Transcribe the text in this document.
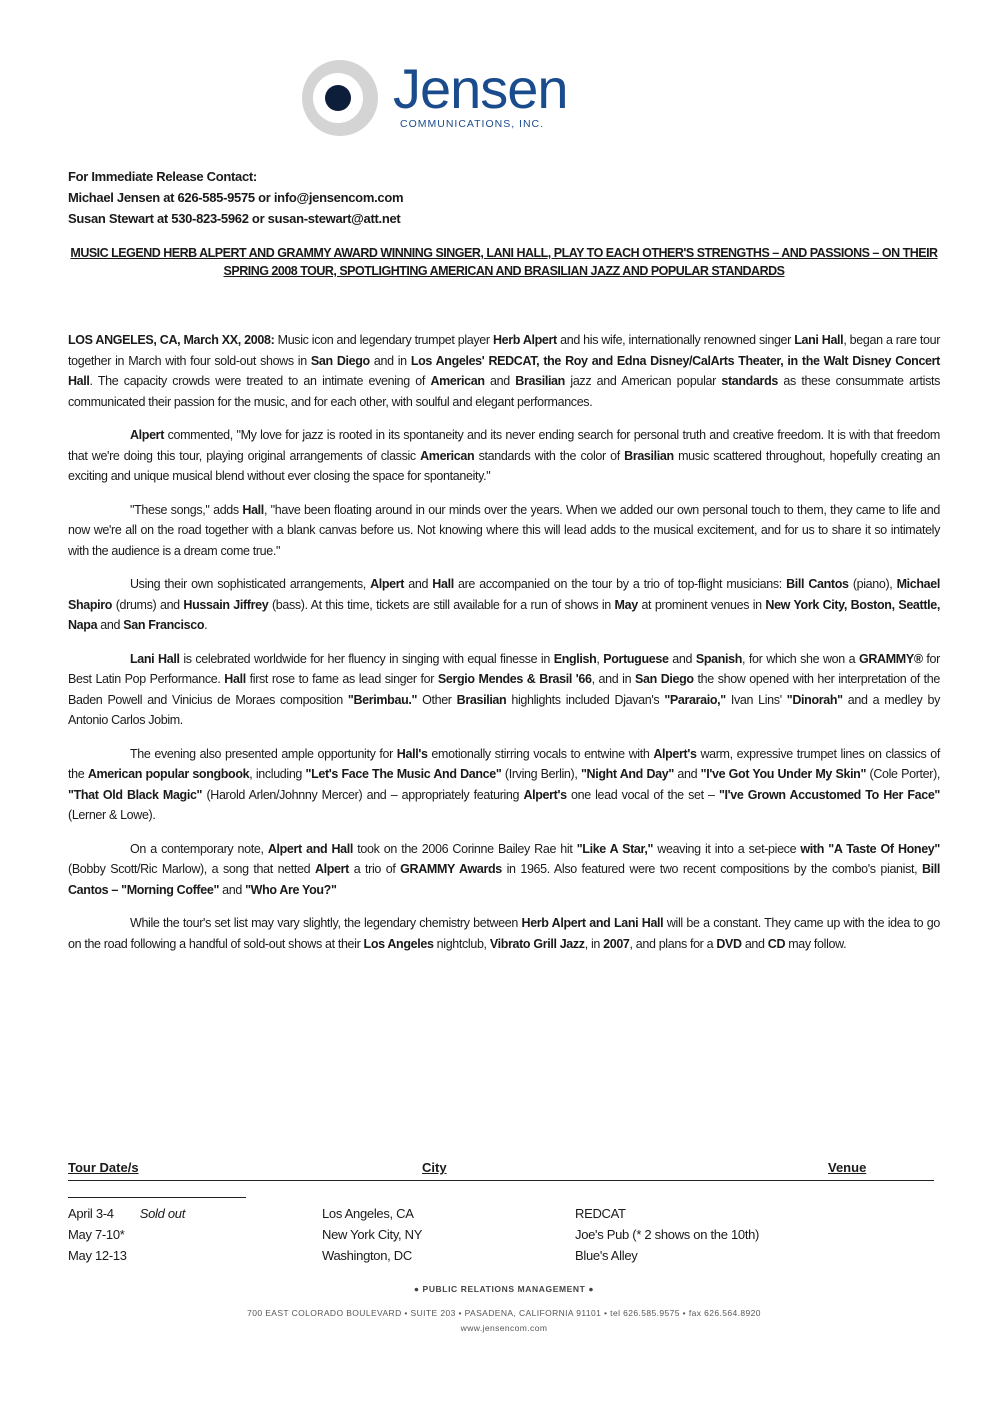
Jensen
COMMUNICATIONS, INC.
For Immediate Release Contact:
Michael Jensen at 626-585-9575 or info@jensencom.com
Susan Stewart at 530-823-5962 or susan-stewart@att.net
MUSIC LEGEND HERB ALPERT AND GRAMMY AWARD WINNING SINGER, LANI HALL, PLAY TO EACH OTHER'S STRENGTHS – AND PASSIONS – ON THEIR SPRING 2008 TOUR, SPOTLIGHTING AMERICAN AND BRASILIAN JAZZ AND POPULAR STANDARDS

LOS ANGELES, CA, March XX, 2008: Music icon and legendary trumpet player Herb Alpert and his wife, internationally renowned singer Lani Hall, began a rare tour together in March with four sold-out shows in San Diego and in Los Angeles' REDCAT, the Roy and Edna Disney/CalArts Theater, in the Walt Disney Concert Hall. The capacity crowds were treated to an intimate evening of American and Brasilian jazz and American popular standards as these consummate artists communicated their passion for the music, and for each other, with soulful and elegant performances.

Alpert commented, "My love for jazz is rooted in its spontaneity and its never ending search for personal truth and creative freedom. It is with that freedom that we're doing this tour, playing original arrangements of classic American standards with the color of Brasilian music scattered throughout, hopefully creating an exciting and unique musical blend without ever closing the space for spontaneity."

"These songs," adds Hall, "have been floating around in our minds over the years. When we added our own personal touch to them, they came to life and now we're all on the road together with a blank canvas before us. Not knowing where this will lead adds to the musical excitement, and for us to share it so intimately with the audience is a dream come true."

Using their own sophisticated arrangements, Alpert and Hall are accompanied on the tour by a trio of top-flight musicians: Bill Cantos (piano), Michael Shapiro (drums) and Hussain Jiffrey (bass). At this time, tickets are still available for a run of shows in May at prominent venues in New York City, Boston, Seattle, Napa and San Francisco.

Lani Hall is celebrated worldwide for her fluency in singing with equal finesse in English, Portuguese and Spanish, for which she won a GRAMMY® for Best Latin Pop Performance. Hall first rose to fame as lead singer for Sergio Mendes & Brasil '66, and in San Diego the show opened with her interpretation of the Baden Powell and Vinicius de Moraes composition "Berimbau." Other Brasilian highlights included Djavan's "Pararaio," Ivan Lins' "Dinorah" and a medley by Antonio Carlos Jobim.

The evening also presented ample opportunity for Hall's emotionally stirring vocals to entwine with Alpert's warm, expressive trumpet lines on classics of the American popular songbook, including "Let's Face The Music And Dance" (Irving Berlin), "Night And Day" and "I've Got You Under My Skin" (Cole Porter), "That Old Black Magic" (Harold Arlen/Johnny Mercer) and – appropriately featuring Alpert's one lead vocal of the set – "I've Grown Accustomed To Her Face" (Lerner & Lowe).

On a contemporary note, Alpert and Hall took on the 2006 Corinne Bailey Rae hit "Like A Star," weaving it into a set-piece with "A Taste Of Honey" (Bobby Scott/Ric Marlow), a song that netted Alpert a trio of GRAMMY Awards in 1965. Also featured were two recent compositions by the combo's pianist, Bill Cantos – "Morning Coffee" and "Who Are You?"

While the tour's set list may vary slightly, the legendary chemistry between Herb Alpert and Lani Hall will be a constant. They came up with the idea to go on the road following a handful of sold-out shows at their Los Angeles nightclub, Vibrato Grill Jazz, in 2007, and plans for a DVD and CD may follow.

Tour Date/s	City	Venue
April 3-4 Sold out
May 7-10*
May 12-13
Los Angeles, CA
New York City, NY
Washington, DC
REDCAT
Joe's Pub (* 2 shows on the 10th)
Blue's Alley
● PUBLIC RELATIONS MANAGEMENT ●
700 EAST COLORADO BOULEVARD • SUITE 203 • PASADENA, CALIFORNIA 91101 • tel 626.585.9575 • fax 626.564.8920
www.jensencom.com
